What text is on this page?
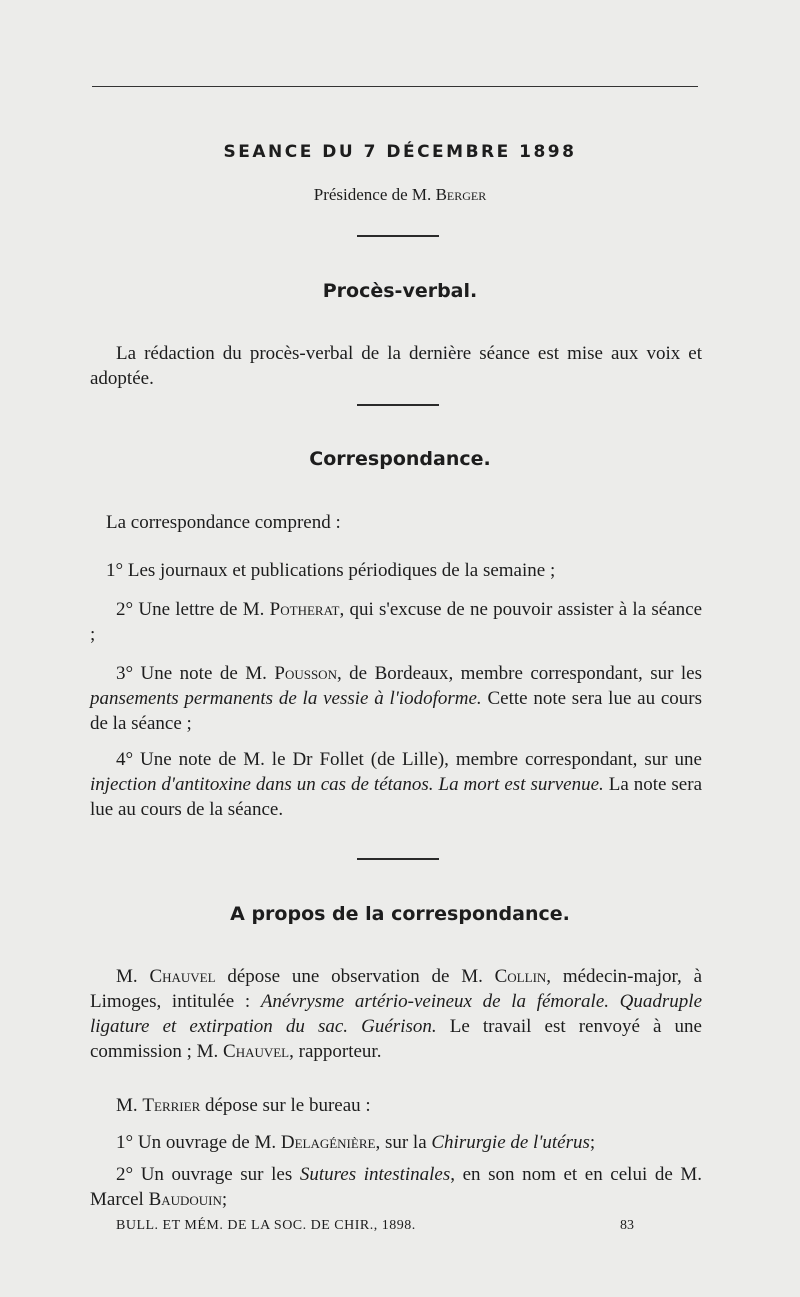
SEANCE DU 7 DÉCEMBRE 1898
Présidence de M. Berger
Procès-verbal.

La rédaction du procès-verbal de la dernière séance est mise aux voix et adoptée.

Correspondance.

La correspondance comprend :

1° Les journaux et publications périodiques de la semaine ;

2° Une lettre de M. Potherat, qui s'excuse de ne pouvoir assister à la séance ;

3° Une note de M. Pousson, de Bordeaux, membre correspondant, sur les pansements permanents de la vessie à l'iodoforme. Cette note sera lue au cours de la séance ;

4° Une note de M. le Dr Follet (de Lille), membre correspondant, sur une injection d'antitoxine dans un cas de tétanos. La mort est survenue. La note sera lue au cours de la séance.

A propos de la correspondance.

M. Chauvel dépose une observation de M. Collin, médecin-major, à Limoges, intitulée : Anévrysme artério-veineux de la fémorale. Quadruple ligature et extirpation du sac. Guérison. Le travail est renvoyé à une commission ; M. Chauvel, rapporteur.

M. Terrier dépose sur le bureau :

1° Un ouvrage de M. Delagénière, sur la Chirurgie de l'utérus;

2° Un ouvrage sur les Sutures intestinales, en son nom et en celui de M. Marcel Baudouin;

BULL. ET MÉM. DE LA SOC. DE CHIR., 1898.	83
